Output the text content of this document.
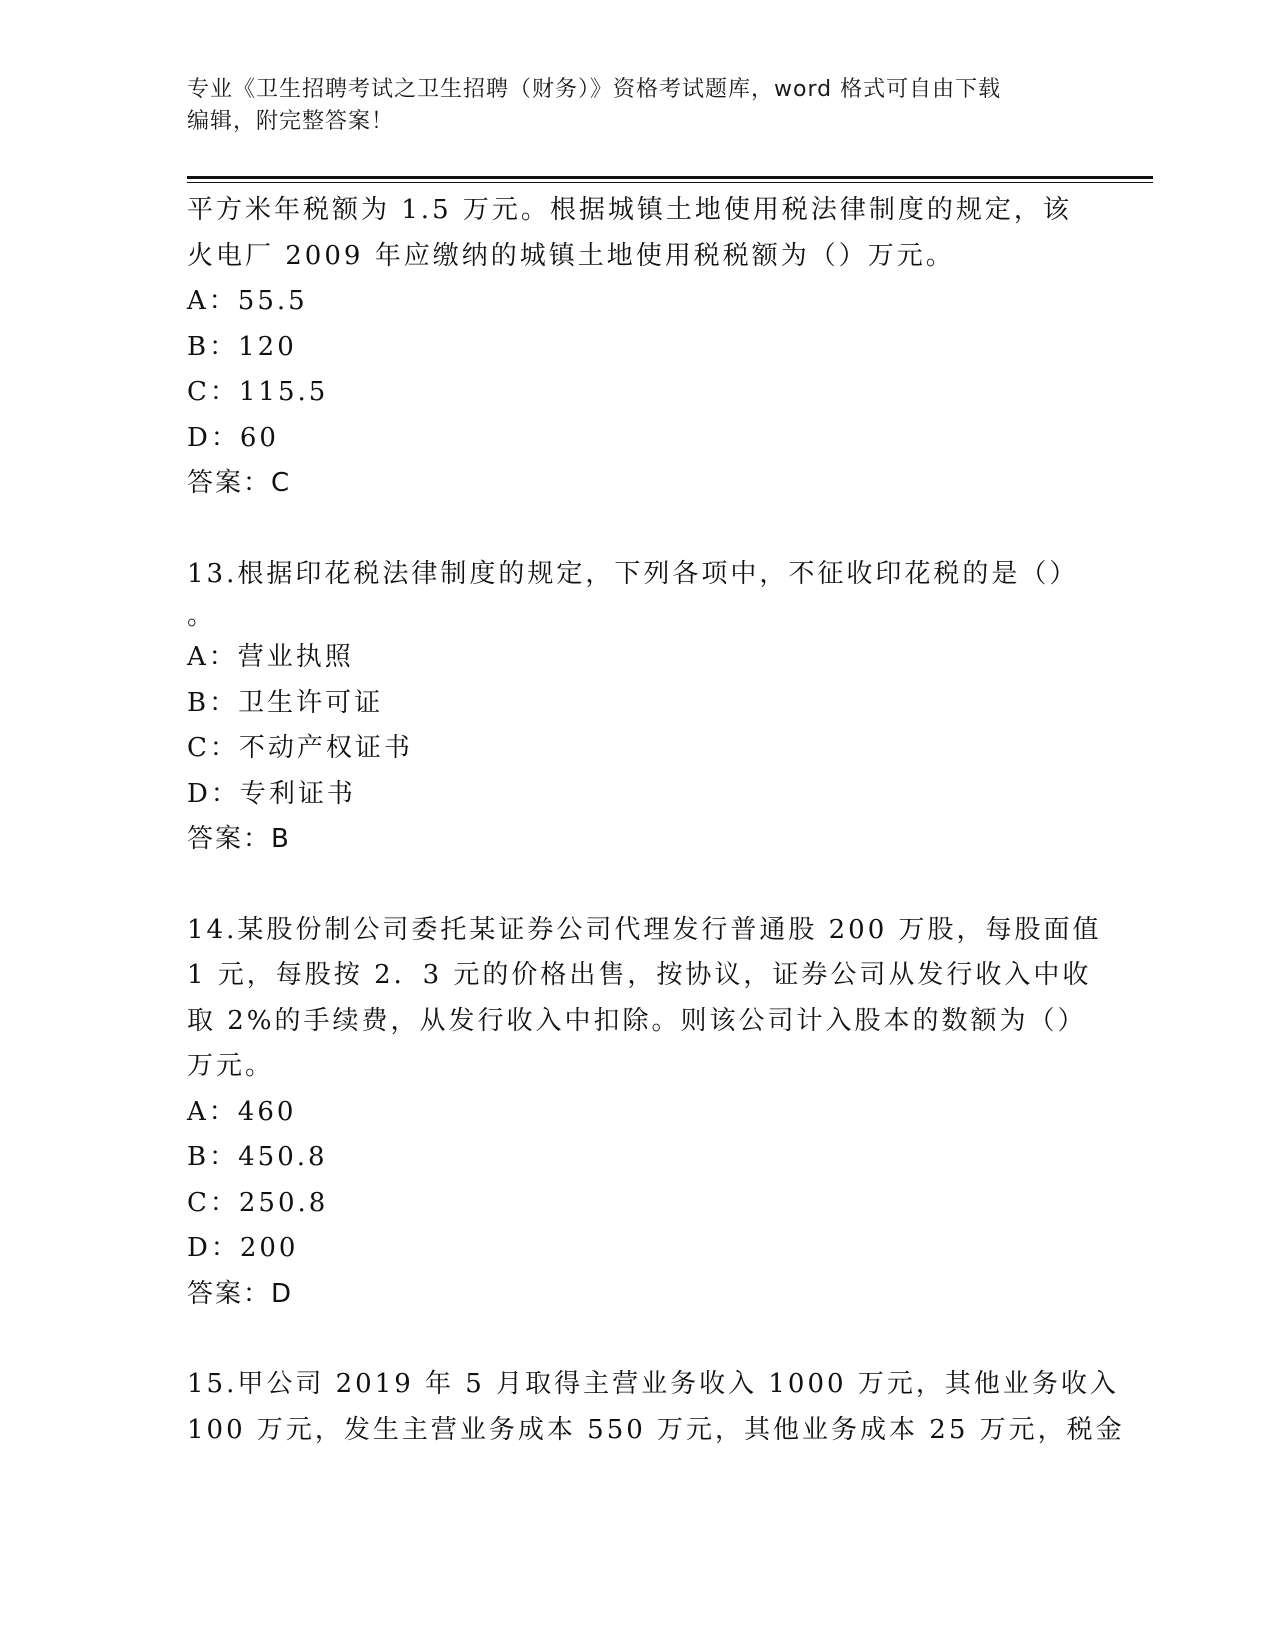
专业《卫生招聘考试之卫生招聘（财务）》资格考试题库，word 格式可自由下载
编辑，附完整答案！
平方米年税额为 1.5 万元。根据城镇土地使用税法律制度的规定，该
火电厂 2009 年应缴纳的城镇土地使用税税额为（）万元。
A：55.5
B：120
C：115.5
D：60
答案：C
13.根据印花税法律制度的规定，下列各项中，不征收印花税的是（）
。
A：营业执照
B：卫生许可证
C：不动产权证书
D：专利证书
答案：B
14.某股份制公司委托某证券公司代理发行普通股 200 万股，每股面值
1 元，每股按 2．3 元的价格出售，按协议，证券公司从发行收入中收
取 2%的手续费，从发行收入中扣除。则该公司计入股本的数额为（）
万元。
A：460
B：450.8
C：250.8
D：200
答案：D
15.甲公司 2019 年 5 月取得主营业务收入 1000 万元，其他业务收入
100 万元，发生主营业务成本 550 万元，其他业务成本 25 万元，税金
